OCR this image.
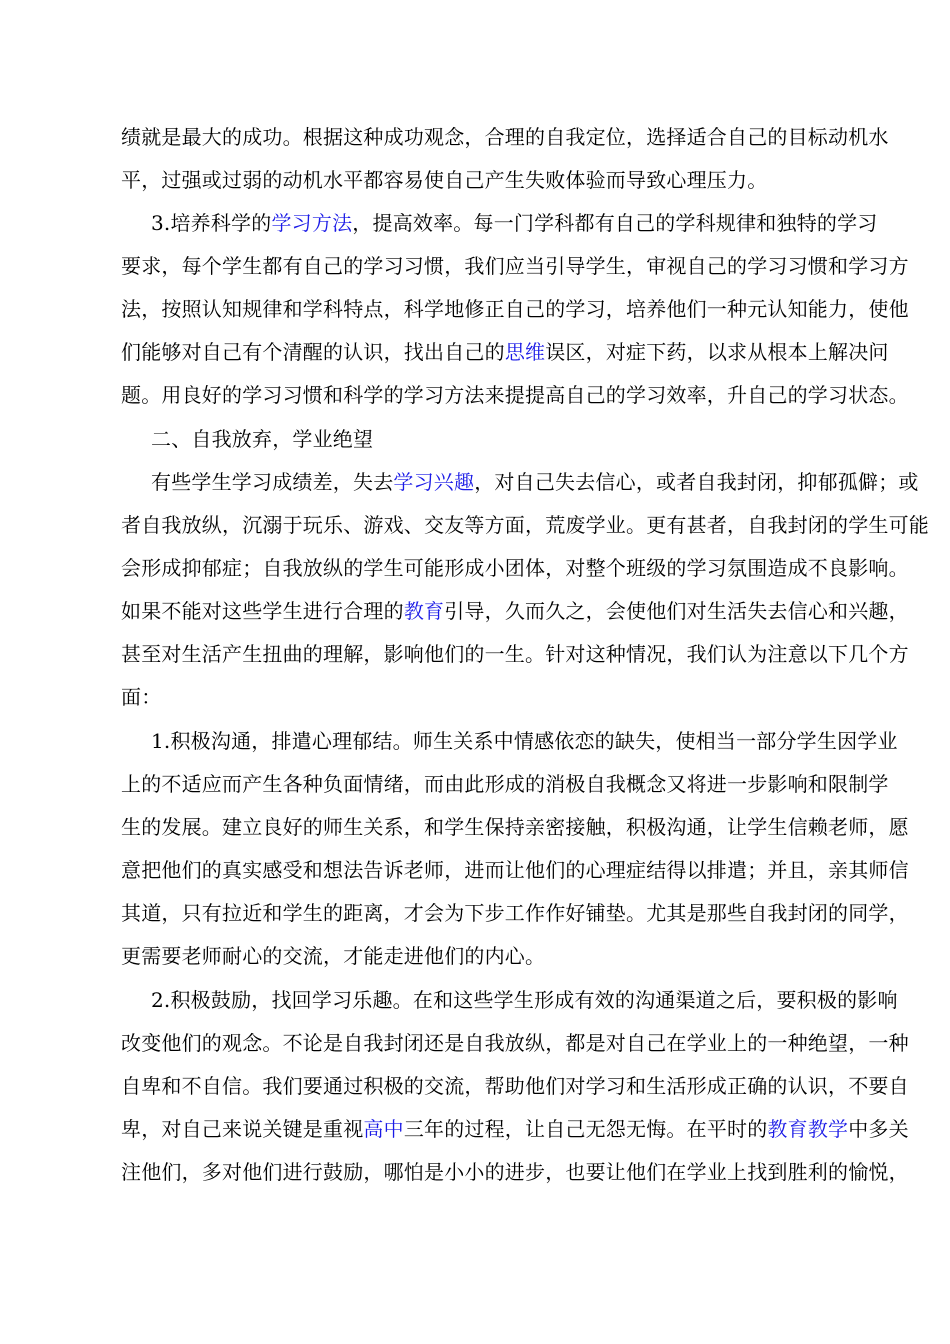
绩就是最大的成功。根据这种成功观念，合理的自我定位，选择适合自己的目标动机水
平，过强或过弱的动机水平都容易使自己产生失败体验而导致心理压力。
3.培养科学的学习方法，提高效率。每一门学科都有自己的学科规律和独特的学习
要求，每个学生都有自己的学习习惯，我们应当引导学生，审视自己的学习习惯和学习方
法，按照认知规律和学科特点，科学地修正自己的学习，培养他们一种元认知能力，使他
们能够对自己有个清醒的认识，找出自己的思维误区，对症下药，以求从根本上解决问
题。用良好的学习习惯和科学的学习方法来提提高自己的学习效率，升自己的学习状态。
二、自我放弃，学业绝望
有些学生学习成绩差，失去学习兴趣，对自己失去信心，或者自我封闭，抑郁孤僻；或
者自我放纵，沉溺于玩乐、游戏、交友等方面，荒废学业。更有甚者，自我封闭的学生可能
会形成抑郁症；自我放纵的学生可能形成小团体，对整个班级的学习氛围造成不良影响。
如果不能对这些学生进行合理的教育引导，久而久之，会使他们对生活失去信心和兴趣，
甚至对生活产生扭曲的理解，影响他们的一生。针对这种情况，我们认为注意以下几个方
面：
1.积极沟通，排遣心理郁结。师生关系中情感依恋的缺失，使相当一部分学生因学业
上的不适应而产生各种负面情绪，而由此形成的消极自我概念又将进一步影响和限制学
生的发展。建立良好的师生关系，和学生保持亲密接触，积极沟通，让学生信赖老师，愿
意把他们的真实感受和想法告诉老师，进而让他们的心理症结得以排遣；并且，亲其师信
其道，只有拉近和学生的距离，才会为下步工作作好铺垫。尤其是那些自我封闭的同学，
更需要老师耐心的交流，才能走进他们的内心。
2.积极鼓励，找回学习乐趣。在和这些学生形成有效的沟通渠道之后，要积极的影响
改变他们的观念。不论是自我封闭还是自我放纵，都是对自己在学业上的一种绝望，一种
自卑和不自信。我们要通过积极的交流，帮助他们对学习和生活形成正确的认识，不要自
卑，对自己来说关键是重视高中三年的过程，让自己无怨无悔。在平时的教育教学中多关
注他们，多对他们进行鼓励，哪怕是小小的进步，也要让他们在学业上找到胜利的愉悦，
